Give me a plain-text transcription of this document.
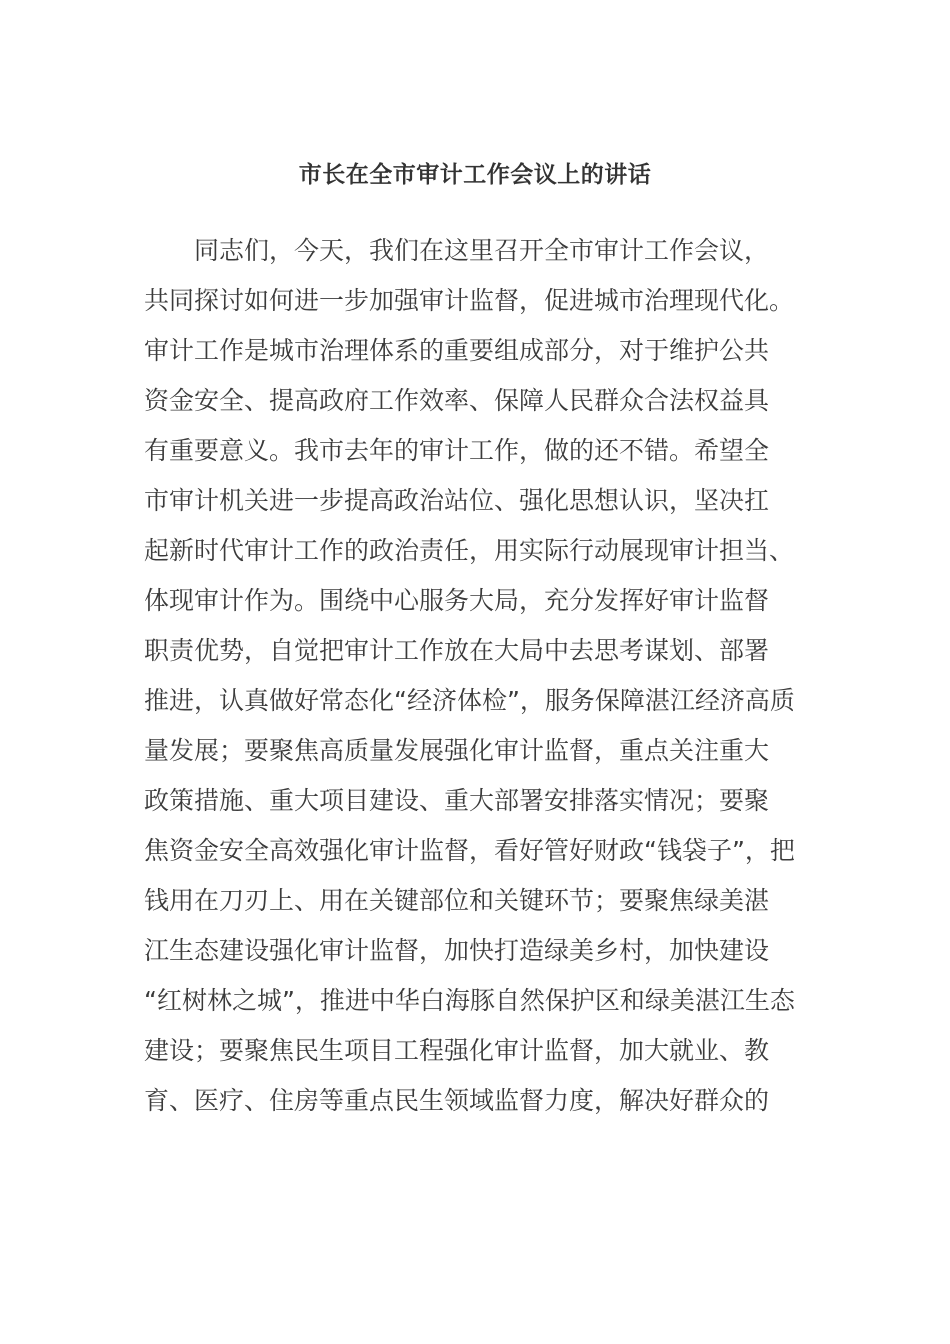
市长在全市审计工作会议上的讲话
同志们，今天，我们在这里召开全市审计工作会议，
共同探讨如何进一步加强审计监督，促进城市治理现代化。
审计工作是城市治理体系的重要组成部分，对于维护公共
资金安全、提高政府工作效率、保障人民群众合法权益具
有重要意义。我市去年的审计工作，做的还不错。希望全
市审计机关进一步提高政治站位、强化思想认识，坚决扛
起新时代审计工作的政治责任，用实际行动展现审计担当、
体现审计作为。围绕中心服务大局，充分发挥好审计监督
职责优势，自觉把审计工作放在大局中去思考谋划、部署
推进，认真做好常态化“经济体检”，服务保障湛江经济高质
量发展；要聚焦高质量发展强化审计监督，重点关注重大
政策措施、重大项目建设、重大部署安排落实情况；要聚
焦资金安全高效强化审计监督，看好管好财政“钱袋子”，把
钱用在刀刃上、用在关键部位和关键环节；要聚焦绿美湛
江生态建设强化审计监督，加快打造绿美乡村，加快建设
“红树林之城”，推进中华白海豚自然保护区和绿美湛江生态
建设；要聚焦民生项目工程强化审计监督，加大就业、教
育、医疗、住房等重点民生领域监督力度，解决好群众的
